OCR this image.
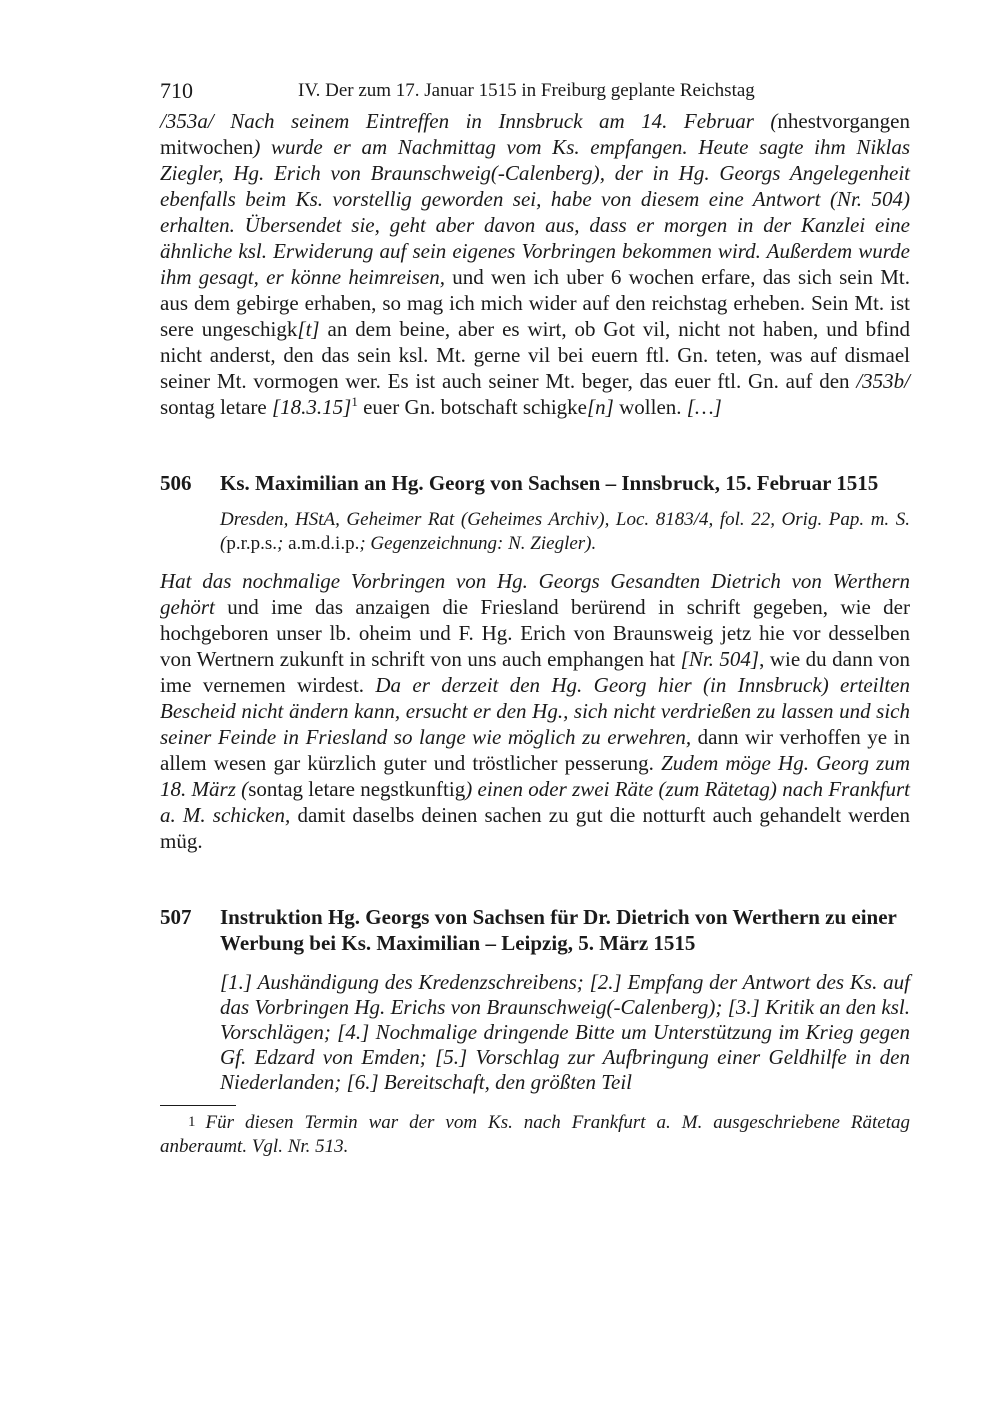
710	IV. Der zum 17. Januar 1515 in Freiburg geplante Reichstag

/353a/ Nach seinem Eintreffen in Innsbruck am 14. Februar (nhestvorgangen mitwochen) wurde er am Nachmittag vom Ks. empfangen. Heute sagte ihm Niklas Ziegler, Hg. Erich von Braunschweig(-Calenberg), der in Hg. Georgs Angelegenheit ebenfalls beim Ks. vorstellig geworden sei, habe von diesem eine Antwort (Nr. 504) erhalten. Übersendet sie, geht aber davon aus, dass er morgen in der Kanzlei eine ähnliche ksl. Erwiderung auf sein eigenes Vorbringen bekommen wird. Außerdem wurde ihm gesagt, er könne heimreisen, und wen ich uber 6 wochen erfare, das sich sein Mt. aus dem gebirge erhaben, so mag ich mich wider auf den reichstag erheben. Sein Mt. ist sere ungeschigk[t] an dem beine, aber es wirt, ob Got vil, nicht not haben, und bfind nicht anderst, den das sein ksl. Mt. gerne vil bei euern ftl. Gn. teten, was auf dismael seiner Mt. vormogen wer. Es ist auch seiner Mt. beger, das euer ftl. Gn. auf den /353b/ sontag letare $[18.3.15]^1$ euer Gn. botschaft schigke[n] wollen. […]

506 Ks. Maximilian an Hg. Georg von Sachsen – Innsbruck, 15. Februar 1515
Dresden, HStA, Geheimer Rat (Geheimes Archiv), Loc. 8183/4, fol. 22, Orig. Pap. m. S. (p.r.p.s.; a.m.d.i.p.; Gegenzeichnung: N. Ziegler).

Hat das nochmalige Vorbringen von Hg. Georgs Gesandten Dietrich von Werthern gehört und ime das anzaigen die Friesland berürend in schrift gegeben, wie der hochgeboren unser lb. oheim und F. Hg. Erich von Braunsweig jetz hie vor desselben von Wertnern zukunft in schrift von uns auch emphangen hat [Nr. 504], wie du dann von ime vernemen wirdest. Da er derzeit den Hg. Georg hier (in Innsbruck) erteilten Bescheid nicht ändern kann, ersucht er den Hg., sich nicht verdrießen zu lassen und sich seiner Feinde in Friesland so lange wie möglich zu erwehren, dann wir verhoffen ye in allem wesen gar kürzlich guter und tröstlicher pesserung. Zudem möge Hg. Georg zum 18. März (sontag letare negstkunftig) einen oder zwei Räte (zum Rätetag) nach Frankfurt a. M. schicken, damit daselbs deinen sachen zu gut die notturft auch gehandelt werden müg.

507 Instruktion Hg. Georgs von Sachsen für Dr. Dietrich von Werthern zu einer Werbung bei Ks. Maximilian – Leipzig, 5. März 1515
[1.] Aushändigung des Kredenzschreibens; [2.] Empfang der Antwort des Ks. auf das Vorbringen Hg. Erichs von Braunschweig(-Calenberg); [3.] Kritik an den ksl. Vorschlägen; [4.] Nochmalige dringende Bitte um Unterstützung im Krieg gegen Gf. Edzard von Emden; [5.] Vorschlag zur Aufbringung einer Geldhilfe in den Niederlanden; [6.] Bereitschaft, den größten Teil
1 Für diesen Termin war der vom Ks. nach Frankfurt a. M. ausgeschriebene Rätetag anberaumt. Vgl. Nr. 513.
